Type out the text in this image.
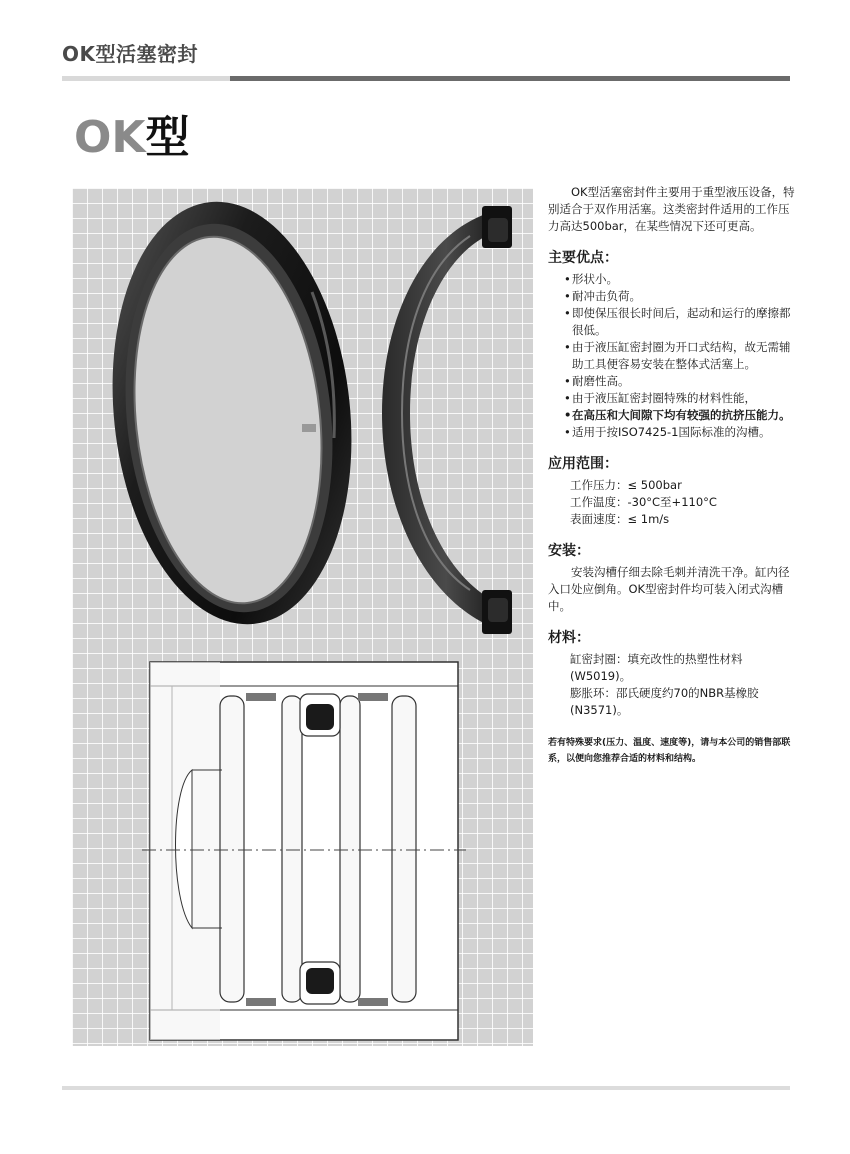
OK型活塞密封
OK型

OK型活塞密封件主要用于重型液压设备，特别适合于双作用活塞。这类密封件适用的工作压力高达500bar，在某些情况下还可更高。

主要优点：
• 形状小。
• 耐冲击负荷。
• 即使保压很长时间后，起动和运行的摩擦都很低。
• 由于液压缸密封圈为开口式结构，故无需辅助工具便容易安装在整体式活塞上。
• 耐磨性高。
• 由于液压缸密封圈特殊的材料性能，
• 在高压和大间隙下均有较强的抗挤压能力。
• 适用于按ISO7425-1国际标准的沟槽。
应用范围：
工作压力：≤ 500bar
工作温度：-30°C至+110°C
表面速度：≤ 1m/s
安装：

安装沟槽仔细去除毛刺并清洗干净。缸内径入口处应倒角。OK型密封件均可装入闭式沟槽中。

材料：
缸密封圈：填充改性的热塑性材料(W5019)。
膨胀环：邵氏硬度约70的NBR基橡胶(N3571)。
若有特殊要求(压力、温度、速度等)，请与本公司的销售部联系，以便向您推荐合适的材料和结构。
